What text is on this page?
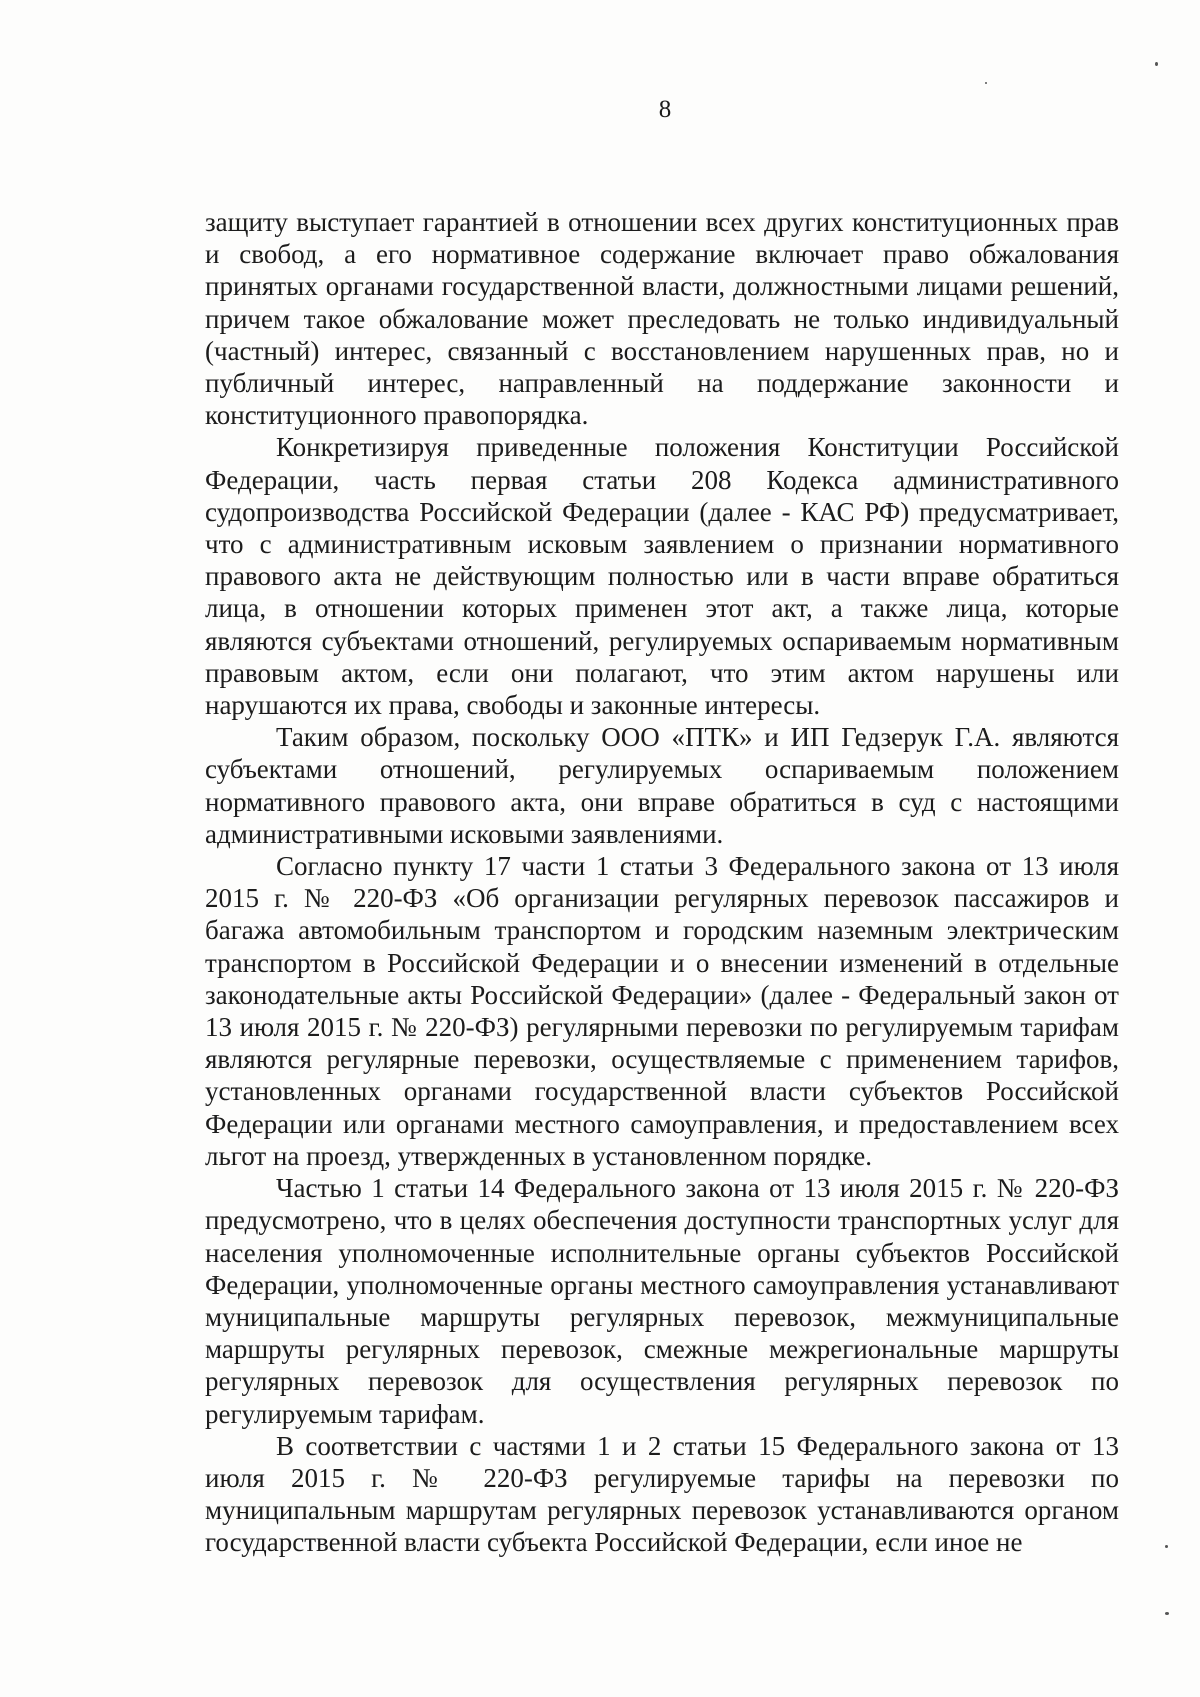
8

защиту выступает гарантией в отношении всех других конституционных прав и свобод, а его нормативное содержание включает право обжалования принятых органами государственной власти, должностными лицами решений, причем такое обжалование может преследовать не только индивидуальный (частный) интерес, связанный с восстановлением нарушенных прав, но и публичный интерес, направленный на поддержание законности и конституционного правопорядка.

Конкретизируя приведенные положения Конституции Российской Федерации, часть первая статьи 208 Кодекса административного судопроизводства Российской Федерации (далее - КАС РФ) предусматривает, что с административным исковым заявлением о признании нормативного правового акта не действующим полностью или в части вправе обратиться лица, в отношении которых применен этот акт, а также лица, которые являются субъектами отношений, регулируемых оспариваемым нормативным правовым актом, если они полагают, что этим актом нарушены или нарушаются их права, свободы и законные интересы.

Таким образом, поскольку ООО «ПТК» и ИП Гедзерук Г.А. являются субъектами отношений, регулируемых оспариваемым положением нормативного правового акта, они вправе обратиться в суд с настоящими административными исковыми заявлениями.

Согласно пункту 17 части 1 статьи 3 Федерального закона от 13 июля 2015 г. № 220-ФЗ «Об организации регулярных перевозок пассажиров и багажа автомобильным транспортом и городским наземным электрическим транспортом в Российской Федерации и о внесении изменений в отдельные законодательные акты Российской Федерации» (далее - Федеральный закон от 13 июля 2015 г. № 220-ФЗ) регулярными перевозки по регулируемым тарифам являются регулярные перевозки, осуществляемые с применением тарифов, установленных органами государственной власти субъектов Российской Федерации или органами местного самоуправления, и предоставлением всех льгот на проезд, утвержденных в установленном порядке.

Частью 1 статьи 14 Федерального закона от 13 июля 2015 г. № 220-ФЗ предусмотрено, что в целях обеспечения доступности транспортных услуг для населения уполномоченные исполнительные органы субъектов Российской Федерации, уполномоченные органы местного самоуправления устанавливают муниципальные маршруты регулярных перевозок, межмуниципальные маршруты регулярных перевозок, смежные межрегиональные маршруты регулярных перевозок для осуществления регулярных перевозок по регулируемым тарифам.

В соответствии с частями 1 и 2 статьи 15 Федерального закона от 13 июля 2015 г. № 220-ФЗ регулируемые тарифы на перевозки по муниципальным маршрутам регулярных перевозок устанавливаются органом государственной власти субъекта Российской Федерации, если иное не
